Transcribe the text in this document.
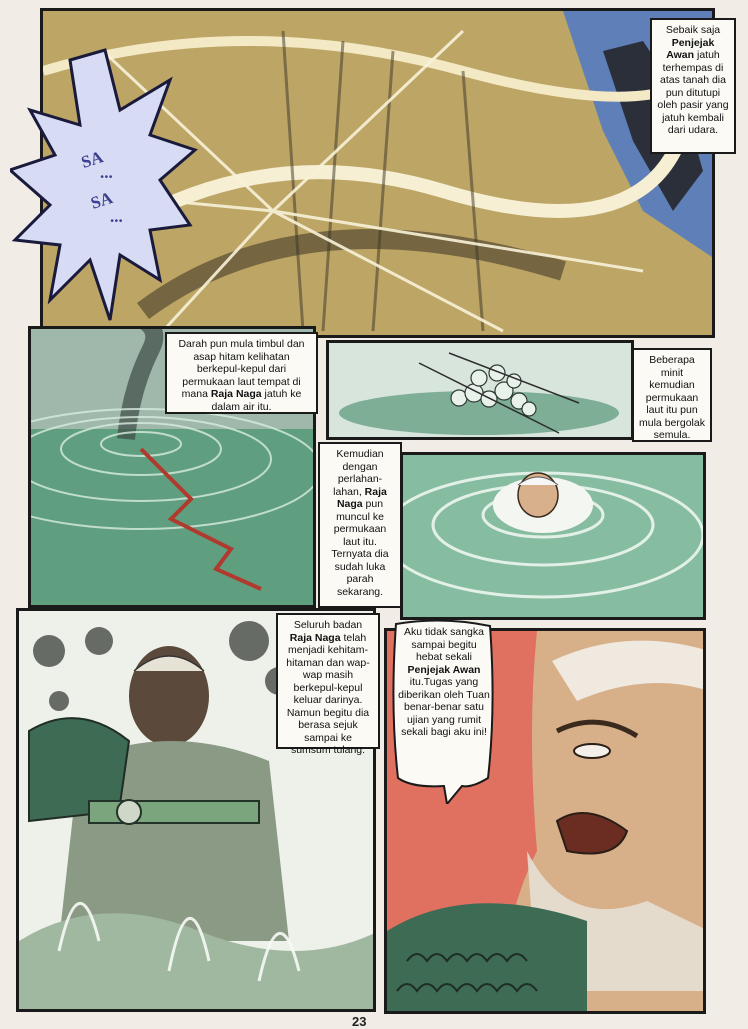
SA
...
SA
...
Sebaik saja Penjejak Awan jatuh terhempas di atas tanah dia pun ditutupi oleh pasir yang jatuh kembali dari udara.
Darah pun mula timbul dan asap hitam kelihatan berkepul-kepul dari permukaan laut tempat di mana Raja Naga jatuh ke dalam air itu.
Beberapa minit kemudian permukaan laut itu pun mula bergolak semula.
Kemudian dengan perlahan-lahan, Raja Naga pun muncul ke permukaan laut itu. Ternyata dia sudah luka parah sekarang.
Seluruh badan Raja Naga telah menjadi kehitam-hitaman dan wap-wap masih berkepul-kepul keluar darinya. Namun begitu dia berasa sejuk sampai ke sumsum tulang.
Aku tidak sangka sampai begitu hebat sekali Penjejak Awan itu.Tugas yang diberikan oleh Tuan benar-benar satu ujian yang rumit sekali bagi aku ini!
23
